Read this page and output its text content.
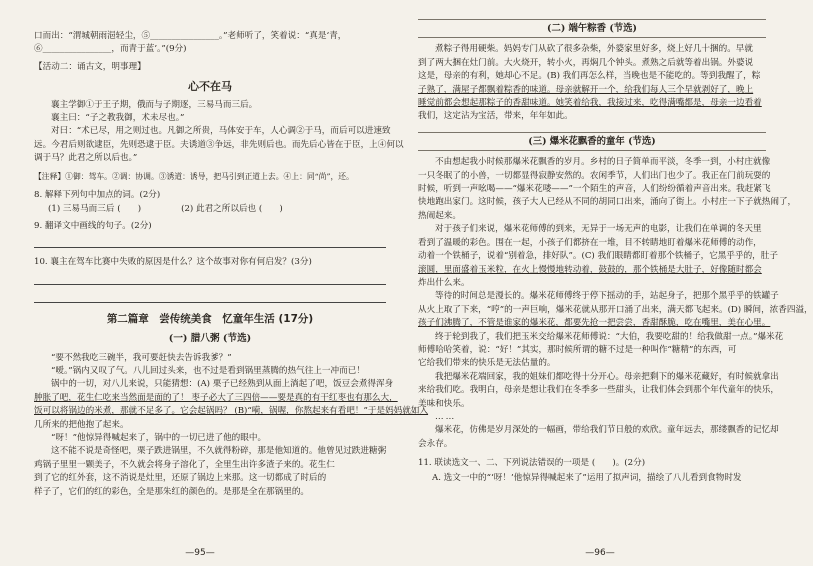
口而出：“渭城朝雨浥轻尘，⑤________________。”老师听了，笑着说：“真是‘青，

⑥________________，而青于蓝’。”(9分)

【活动二：诵古文，明事理】
心不在马

襄主学御①于王子期，俄而与子期逐，三易马而三后。

襄主曰：“子之教我御，术未尽也。”

对曰：“术已尽，用之则过也。凡御之所贵，马体安于车，人心调②于马，而后可以进速致

远。今君后则欲逮臣，先则恐逮于臣。夫诱道③争远，非先则后也。而先后心皆在于臣，上④何以

调于马？此君之所以后也。”

【注释】①御：驾车。②调：协调。③诱道：诱导，把马引到正道上去。④上：同“尚”，还。
8. 解释下列句中加点的词。(2分)
(1) 三易马而三后 (　　)	(2) 此君之所以后也 (　　)
9. 翻译文中画线的句子。(2分)
10. 襄主在驾车比赛中失败的原因是什么？这个故事对你有何启发？(3分)
第二篇章　尝传统美食　忆童年生活 (17分)
(一) 腊八粥 (节选)

“要不然我吃三碗半，我可要赶快去告诉我爹？”

“嗳。”锅内又叹了气。八儿回过头来，也不过是看到锅里蒸腾的热气往上一冲而已！

锅中的一切，对八儿来说，只能猜想：(A) 栗子已经熟到从面上淌起了吧，饭豆会煮得浑身

肿胀了吧，花生仁吃来当然面是面的了！ 枣子必大了三四倍——要是真的有干红枣也有那么大，

饭可以将锅边的米煮，那就不足多了。它会起锅吗？ (B)“嗬，锅喔，你熬起来有看吧！”于是妈妈就如入

几所来的把他抱了起来。

“呀！”他惊异得喊起来了，锅中的一切已进了他的眼中。

这不能不说是奇怪吧，栗子跌进锅里，不久就得粉碎，那是他知道的。他曾见过跌进糖粥

鸡锅子里里一颗美子，不久就会将身子溶化了，全里生出许多渣子来的。花生仁

到了它的红外套，这不消说是灶里，还原了锅边上来那。这一切都成了时后的

样子了，它们的红的彩色，全是那朱红的颜色的。是那是全在那锅里的。

—95—
(二) 端午粽香 (节选)

煮粽子得用硬柴。妈妈专门从砍了很多杂柴，外婆家里好多，烧上好几十捆的。早就

到了两大捆在灶门前。大火烧开，转小火，再焖几个钟头。煮熟之后就等着出锅。外婆说

这是，母亲的有利，她却心不足。(B) 我们再怎么样，当晚也是不能吃的。等到我醒了，粽

子熟了，满屋子都飘着粽香的味道。母亲就解开一个，给我们每人三个早就剥好了，晚上

睡觉前都会想起那粽子的香甜味道。她笑着给我，我接过来，吃得满嘴都是，母亲一边看着

我们，这定沾为宝活，带来，年年如此。

(三) 爆米花飘香的童年 (节选)

不由想起我小时候那爆米花飘香的岁月。乡村的日子简单而平淡，冬季一到，小村庄就像

一只冬眠了的小兽，一切都显得寂静安然的。农闲季节，人们出门也少了。我正在门前玩耍的

时候，听到一声吆喝——“爆米花喽——”一个陌生的声音，人们纷纷循着声音出来。我赶紧飞

快地跑出家门。这时候，孩子大人已经从不同的胡同口出来，涌向了街上。小村庄一下子就热闹了，

热闹起来。

对于孩子们来说，爆米花师傅的到来，无异于一场无声的电影，让我们在单调的冬天里

看到了温暖的彩色。围在一起，小孩子们都挤在一堆，目不转睛地盯着爆米花师傅的动作，

动着一个铁桶子，说着“别着急，排好队”。(C) 我们眼睛都盯着那个铁桶子，它黑乎乎的，肚子

滚圆，里面盛着玉米粒，在火上慢慢地转动着，鼓鼓的，那个铁桶是大肚子，好像随时都会

炸出什么来。

等待的时间总是漫长的。爆米花师傅终于停下摇动的手，站起身子，把那个黑乎乎的铁罐子

从火上取了下来，“哼”的一声巨响，爆米花就从那开口涌了出来，满天都飞起来。(D) 瞬间，浓香四溢，

孩子们沸腾了，不管是谁家的爆米花，都要先抢一把尝尝，香甜酥脆，吃在嘴里，美在心里。

终于轮到我了，我们把玉米交给爆米花师傅说：“大伯，我要吃甜的！给我做甜一点。”爆米花

师傅哈哈笑着，说：“好！”其实，那时候所谓的糖不过是一种叫作“糖精”的东西，可

它给我们带来的快乐是无法估量的。

我把爆米花端回家，我的姐妹们都吃得十分开心。母亲把剩下的爆米花藏好，有时候就拿出

来给我们吃。我明白，母亲是想让我们在冬季多一些甜头，让我们体会到那个年代童年的快乐，

美味和快乐。

……

爆米花，仿佛是岁月深处的一幅画，带给我们节日般的欢欣。童年远去，那缕飘香的记忆却

会永存。

11. 联读选文一、二、下列说法错误的一项是 (　　)。(2分)
A. 选文一中的“‘呀！’他惊异得喊起来了”运用了拟声词，描绘了八儿看到食物时发
—96—
